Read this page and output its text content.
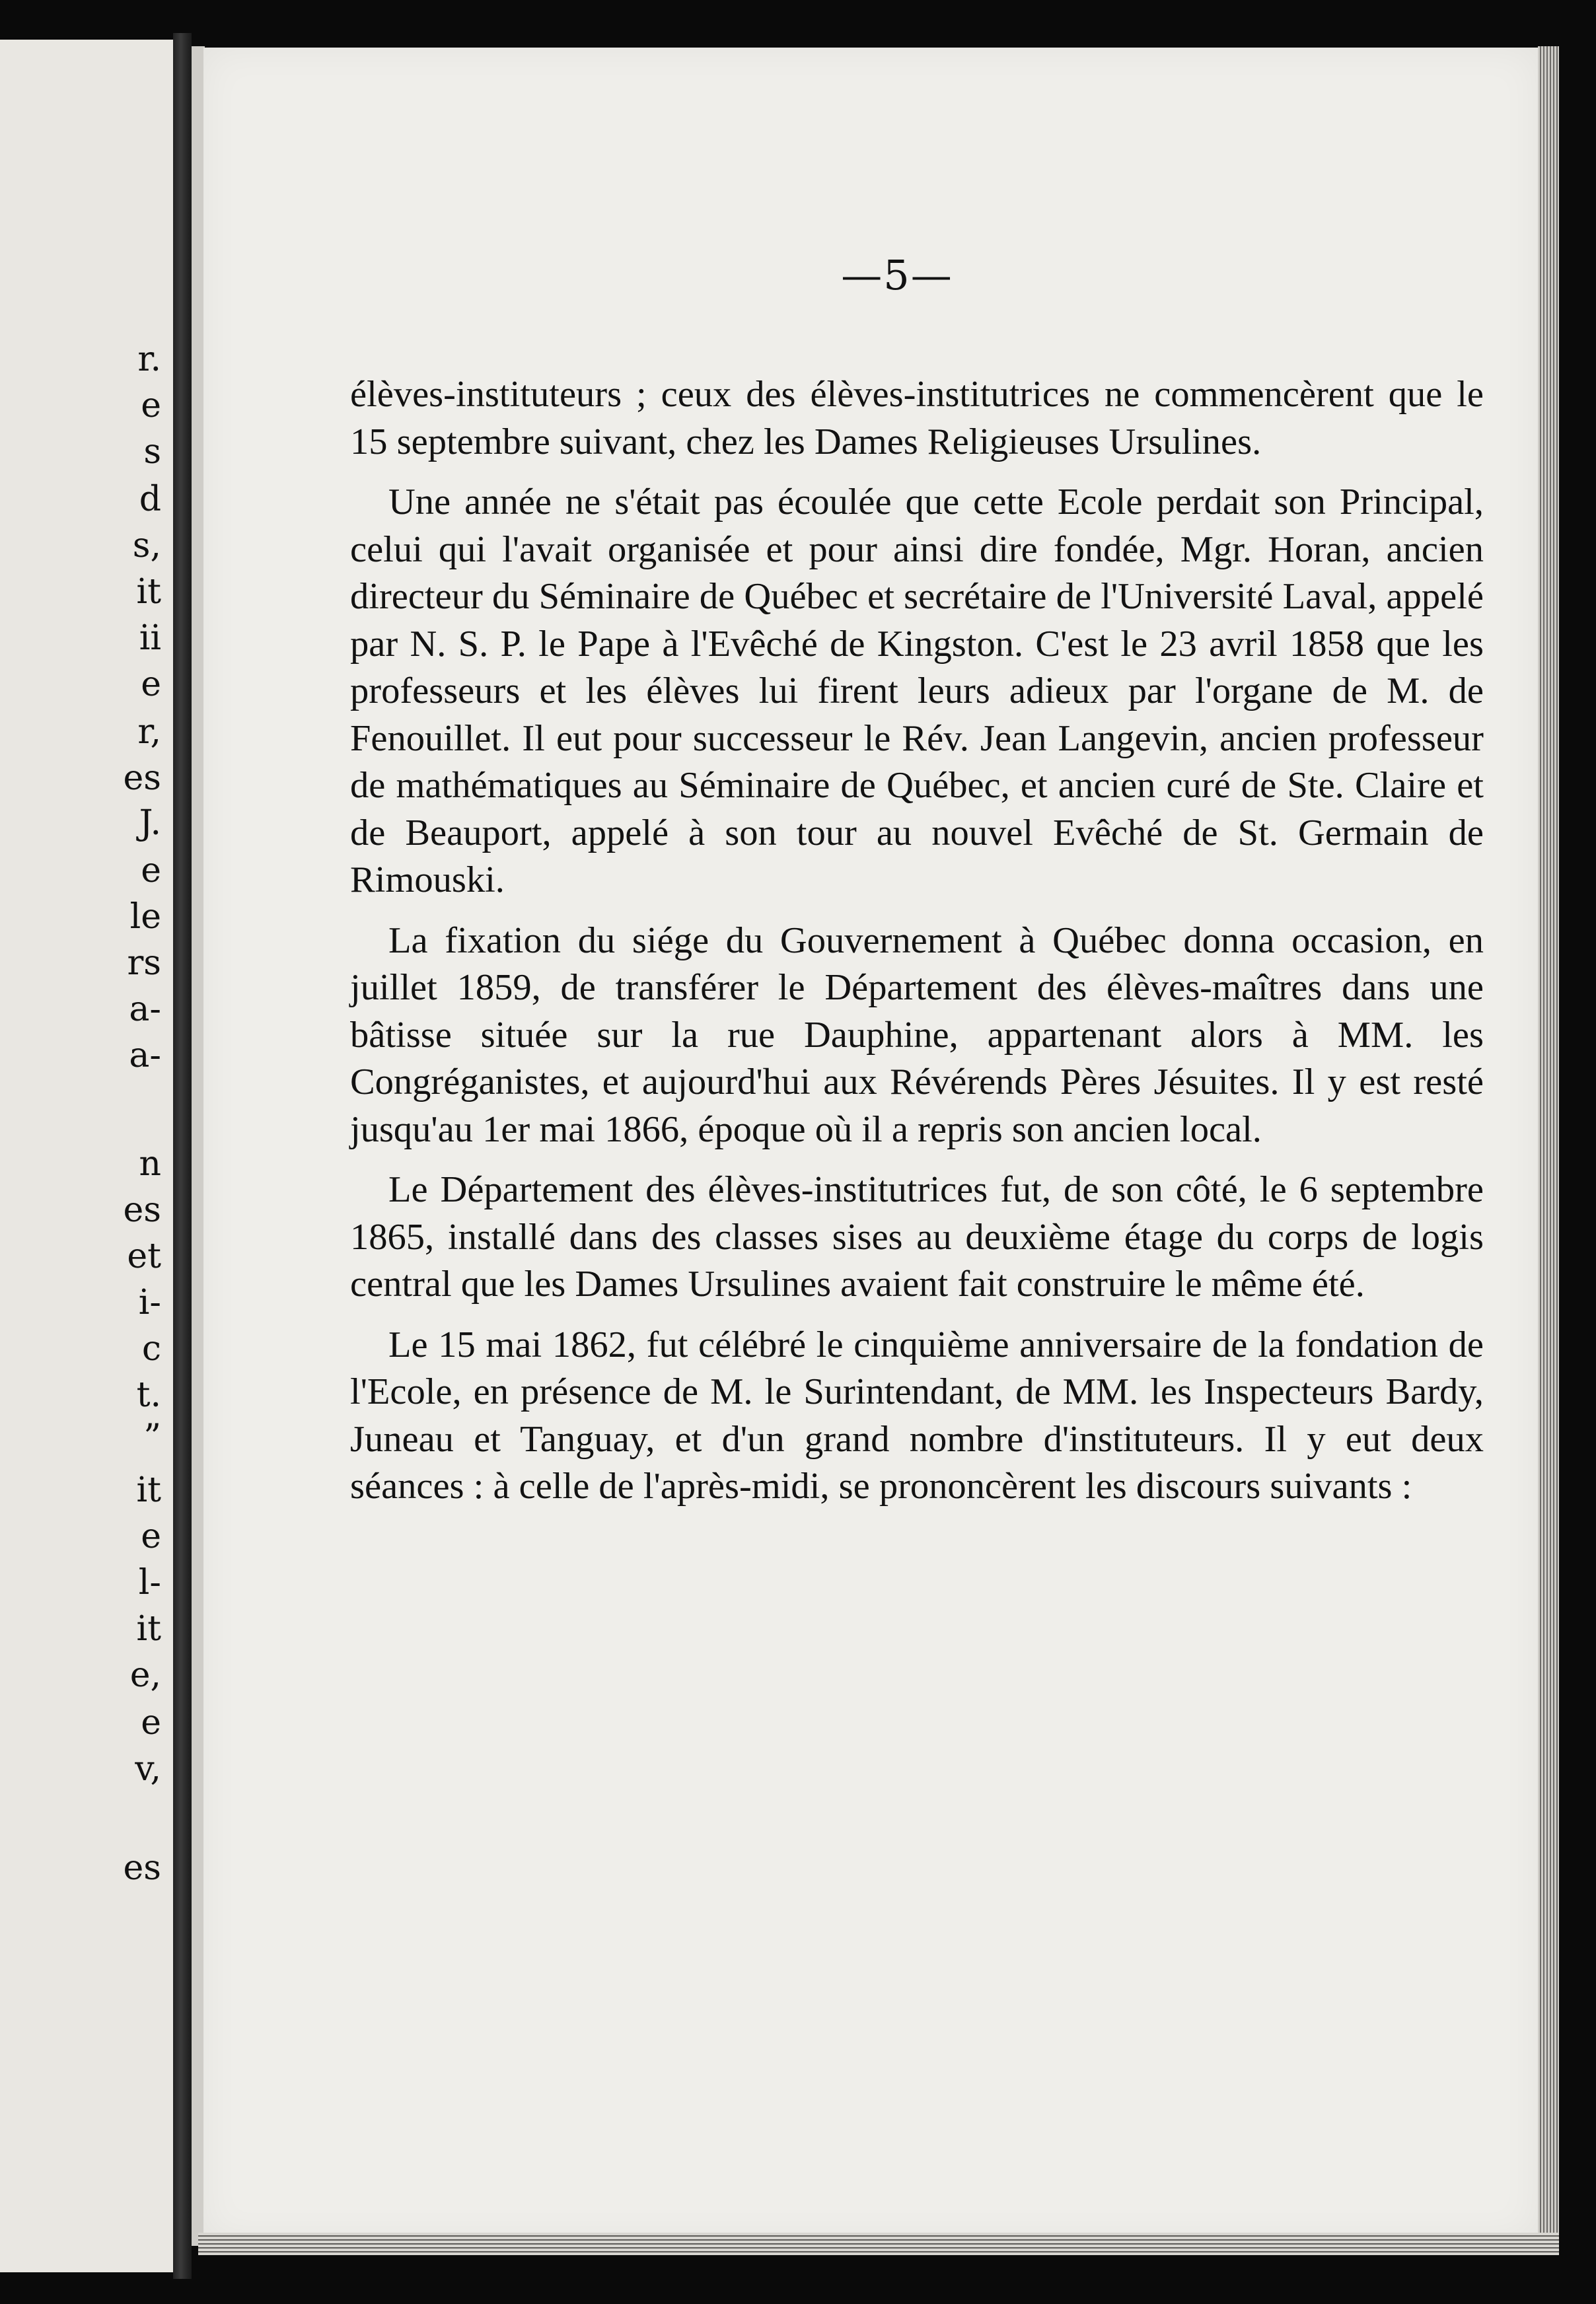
r.
e
s
d
s,
it
ii
e
r,
es
J.
e
le
rs
a-
a-
n
es
et
i-
c
t.
”
it
e
l-
it
e,
e
v,
es
—5—

élèves-instituteurs ; ceux des élèves-institutrices ne commencèrent que le 15 septembre suivant, chez les Dames Religieuses Ursulines.

Une année ne s'était pas écoulée que cette Ecole perdait son Principal, celui qui l'avait organisée et pour ainsi dire fondée, Mgr. Horan, ancien directeur du Séminaire de Québec et secrétaire de l'Université Laval, appelé par N. S. P. le Pape à l'Evêché de Kingston. C'est le 23 avril 1858 que les professeurs et les élèves lui firent leurs adieux par l'organe de M. de Fenouillet. Il eut pour successeur le Rév. Jean Langevin, ancien professeur de mathématiques au Séminaire de Québec, et ancien curé de Ste. Claire et de Beauport, appelé à son tour au nouvel Evêché de St. Germain de Rimouski.

La fixation du siége du Gouvernement à Québec donna occasion, en juillet 1859, de transférer le Département des élèves-maîtres dans une bâtisse située sur la rue Dauphine, appartenant alors à MM. les Congréganistes, et aujourd'hui aux Révérends Pères Jésuites. Il y est resté jusqu'au 1er mai 1866, époque où il a repris son ancien local.

Le Département des élèves-institutrices fut, de son côté, le 6 septembre 1865, installé dans des classes sises au deuxième étage du corps de logis central que les Dames Ursulines avaient fait construire le même été.

Le 15 mai 1862, fut célébré le cinquième anniversaire de la fondation de l'Ecole, en présence de M. le Surintendant, de MM. les Inspecteurs Bardy, Juneau et Tanguay, et d'un grand nombre d'instituteurs. Il y eut deux séances : à celle de l'après-midi, se prononcèrent les discours suivants :
